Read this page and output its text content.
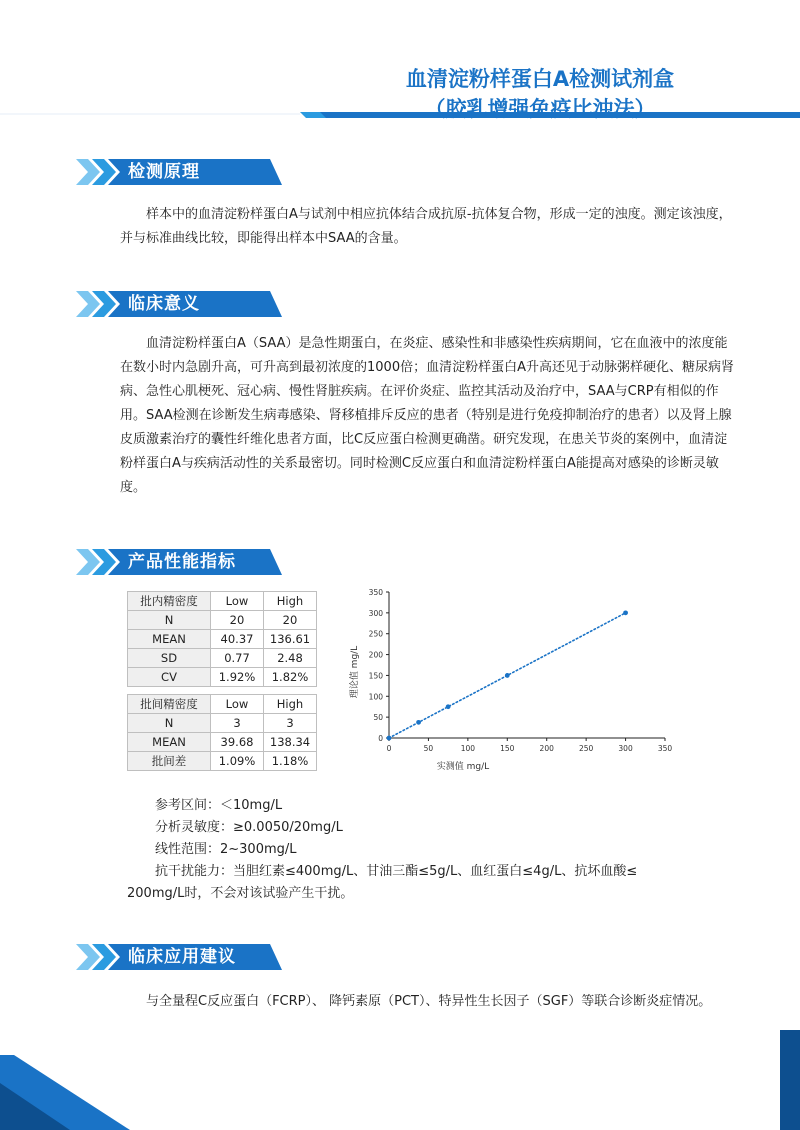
血清淀粉样蛋白A检测试剂盒
（胶乳增强免疫比浊法）
检测原理

样本中的血清淀粉样蛋白A与试剂中相应抗体结合成抗原-抗体复合物，形成一定的浊度。测定该浊度，并与标准曲线比较，即能得出样本中SAA的含量。

临床意义

血清淀粉样蛋白A（SAA）是急性期蛋白，在炎症、感染性和非感染性疾病期间，它在血液中的浓度能在数小时内急剧升高，可升高到最初浓度的1000倍；血清淀粉样蛋白A升高还见于动脉粥样硬化、糖尿病肾病、急性心肌梗死、冠心病、慢性肾脏疾病。在评价炎症、监控其活动及治疗中，SAA与CRP有相似的作用。SAA检测在诊断发生病毒感染、肾移植排斥反应的患者（特别是进行免疫抑制治疗的患者）以及肾上腺皮质激素治疗的囊性纤维化患者方面，比C反应蛋白检测更确凿。研究发现，在患关节炎的案例中，血清淀粉样蛋白A与疾病活动性的关系最密切。同时检测C反应蛋白和血清淀粉样蛋白A能提高对感染的诊断灵敏度。

产品性能指标
批内精密度	Low	High
N	20	20
MEAN	40.37	136.61
SD	0.77	2.48
CV	1.92%	1.82%
批间精密度	Low	High
N	3	3
MEAN	39.68	138.34
批间差	1.09%	1.18%
0
50
100
150
200
250
300
350
0	50	100	150	200	250	300	350
实测值 mg/L
理论值 mg/L
参考区间：＜10mg/L
分析灵敏度：≥0.0050/20mg/L
线性范围：2~300mg/L
抗干扰能力：当胆红素≤400mg/L、甘油三酯≤5g/L、血红蛋白≤4g/L、抗坏血酸≤
200mg/L时，不会对该试验产生干扰。
临床应用建议

与全量程C反应蛋白（FCRP）、 降钙素原（PCT）、特异性生长因子（SGF）等联合诊断炎症情况。
